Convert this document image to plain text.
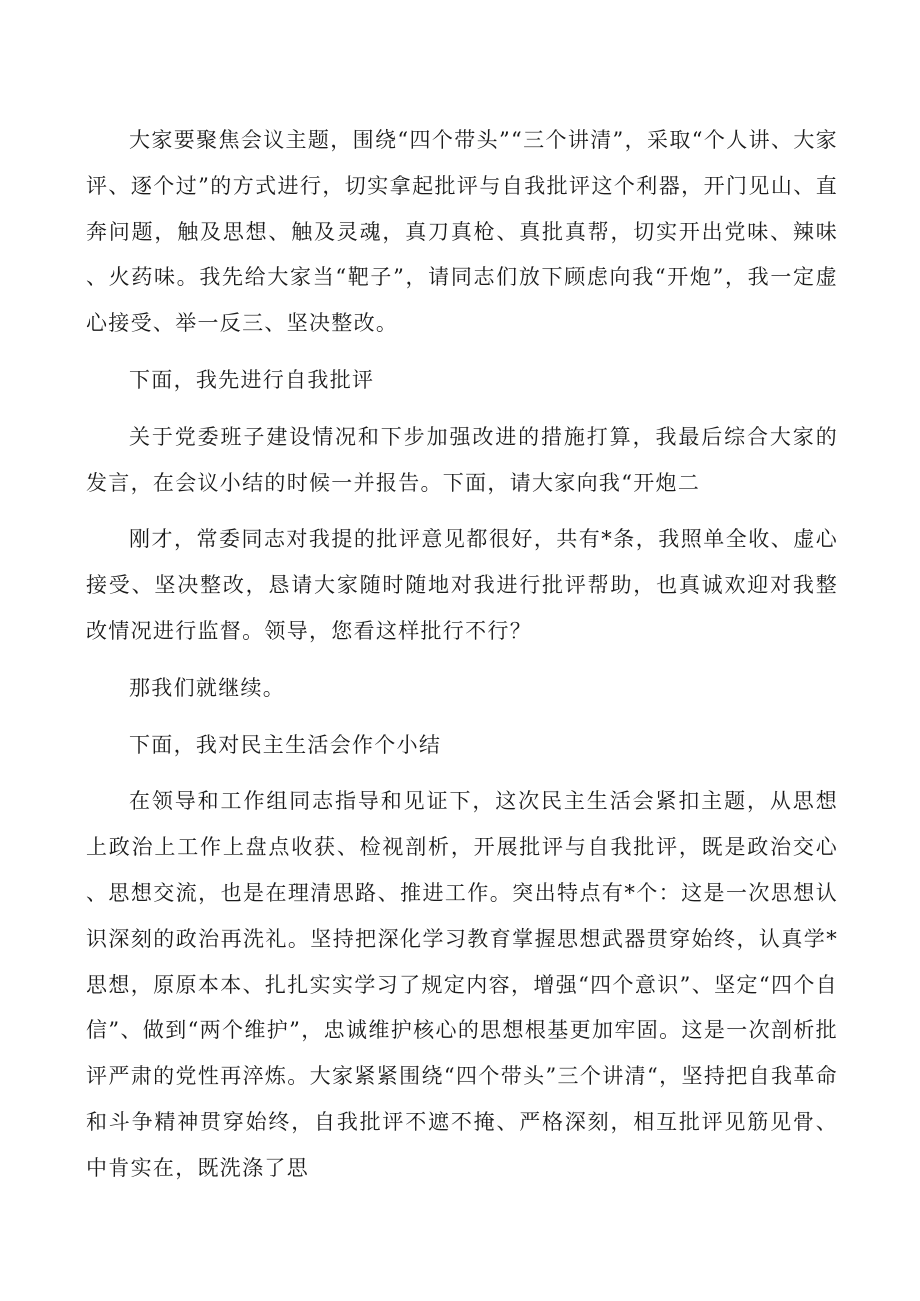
大家要聚焦会议主题，围绕“四个带头”“三个讲清”，采取“个人讲、大家评、逐个过”的方式进行，切实拿起批评与自我批评这个利器，开门见山、直奔问题，触及思想、触及灵魂，真刀真枪、真批真帮，切实开出党味、辣味、火药味。我先给大家当“靶子”，请同志们放下顾虑向我“开炮”，我一定虚心接受、举一反三、坚决整改。

下面，我先进行自我批评

关于党委班子建设情况和下步加强改进的措施打算，我最后综合大家的发言，在会议小结的时候一并报告。下面，请大家向我“开炮二

刚才，常委同志对我提的批评意见都很好，共有*条，我照单全收、虚心接受、坚决整改，恳请大家随时随地对我进行批评帮助，也真诚欢迎对我整改情况进行监督。领导，您看这样批行不行？

那我们就继续。

下面，我对民主生活会作个小结

在领导和工作组同志指导和见证下，这次民主生活会紧扣主题，从思想上政治上工作上盘点收获、检视剖析，开展批评与自我批评，既是政治交心、思想交流，也是在理清思路、推进工作。突出特点有*个：这是一次思想认识深刻的政治再洗礼。坚持把深化学习教育掌握思想武器贯穿始终，认真学*思想，原原本本、扎扎实实学习了规定内容，增强“四个意识”、坚定“四个自信”、做到“两个维护”，忠诚维护核心的思想根基更加牢固。这是一次剖析批评严肃的党性再淬炼。大家紧紧围绕“四个带头”三个讲清“，坚持把自我革命和斗争精神贯穿始终，自我批评不遮不掩、严格深刻，相互批评见筋见骨、中肯实在，既洗涤了思
